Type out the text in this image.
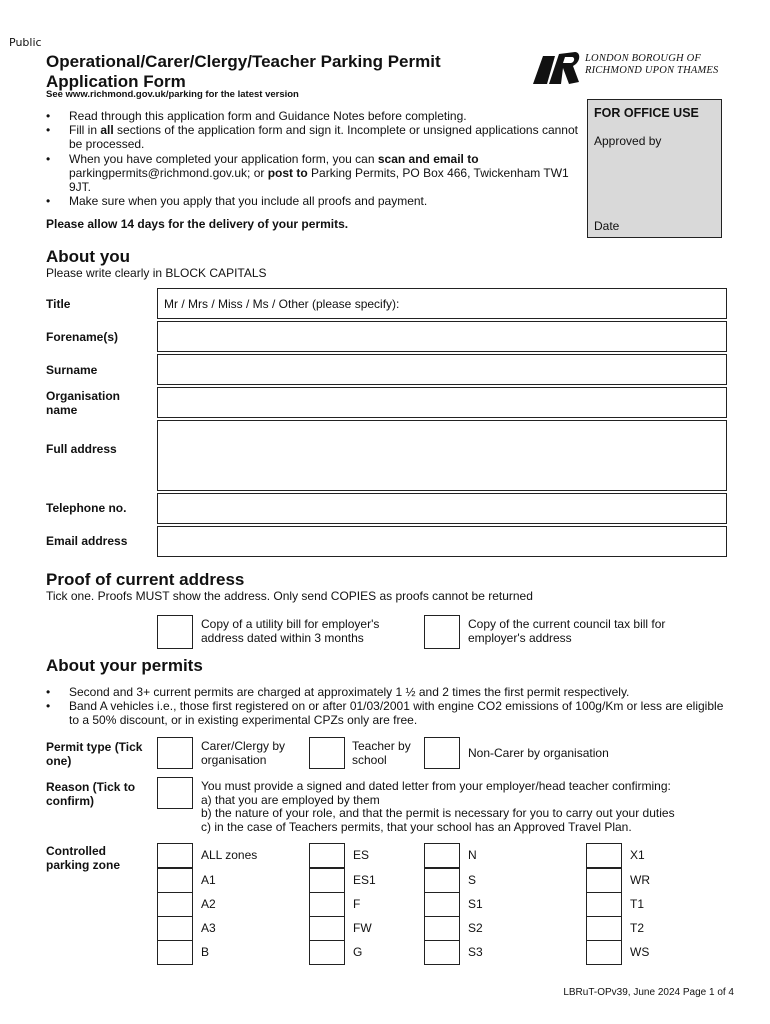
Public
Operational/Carer/Clergy/Teacher Parking Permit Application Form
See www.richmond.gov.uk/parking for the latest version
LONDON BOROUGH OF
RICHMOND UPON THAMES
• Read through this application form and Guidance Notes before completing.
• Fill in all sections of the application form and sign it. Incomplete or unsigned applications cannot be processed.
• When you have completed your application form, you can scan and email to parkingpermits@richmond.gov.uk; or post to Parking Permits, PO Box 466, Twickenham TW1 9JT.
• Make sure when you apply that you include all proofs and payment.
Please allow 14 days for the delivery of your permits.
FOR OFFICE USE
Approved by
Date
About you
Please write clearly in BLOCK CAPITALS
Title	Mr / Mrs / Miss / Ms / Other (please specify):
Forename(s)
Surname
Organisation name
Full address
Telephone no.
Email address
Proof of current address
Tick one. Proofs MUST show the address. Only send COPIES as proofs cannot be returned
Copy of a utility bill for employer's address dated within 3 months
Copy of the current council tax bill for employer's address
About your permits
• Second and 3+ current permits are charged at approximately 1 ½ and 2 times the first permit respectively.
• Band A vehicles i.e., those first registered on or after 01/03/2001 with engine CO2 emissions of 100g/Km or less are eligible to a 50% discount, or in existing experimental CPZs only are free.
Permit type (Tick one)
Carer/Clergy by organisation
Teacher by school	Non-Carer by organisation
Reason (Tick to confirm)
You must provide a signed and dated letter from your employer/head teacher confirming:
a) that you are employed by them
b) the nature of your role, and that the permit is necessary for you to carry out your duties
c) in the case of Teachers permits, that your school has an Approved Travel Plan.
Controlled parking zone
ALL zones
A1
A2
A3
B
ES
ES1
F
FW
G
N
S
S1
S2
S3
X1
WR
T1
T2
WS
LBRuT-OPv39, June 2024 Page 1 of 4
